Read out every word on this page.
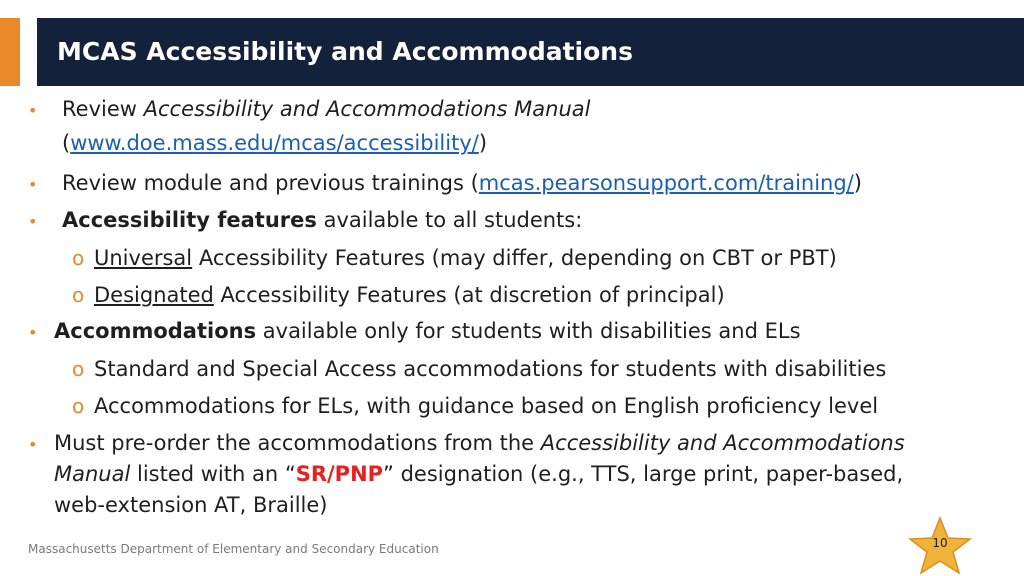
MCAS Accessibility and Accommodations
• Review Accessibility and Accommodations Manual
(www.doe.mass.edu/mcas/accessibility/)
• Review module and previous trainings (mcas.pearsonsupport.com/training/)
• Accessibility features available to all students:
o Universal Accessibility Features (may differ, depending on CBT or PBT)
o Designated Accessibility Features (at discretion of principal)
• Accommodations available only for students with disabilities and ELs
o Standard and Special Access accommodations for students with disabilities
o Accommodations for ELs, with guidance based on English proficiency level
• Must pre-order the accommodations from the Accessibility and Accommodations
Manual listed with an “SR/PNP” designation (e.g., TTS, large print, paper-based,
web-extension AT, Braille)
Massachusetts Department of Elementary and Secondary Education	10
